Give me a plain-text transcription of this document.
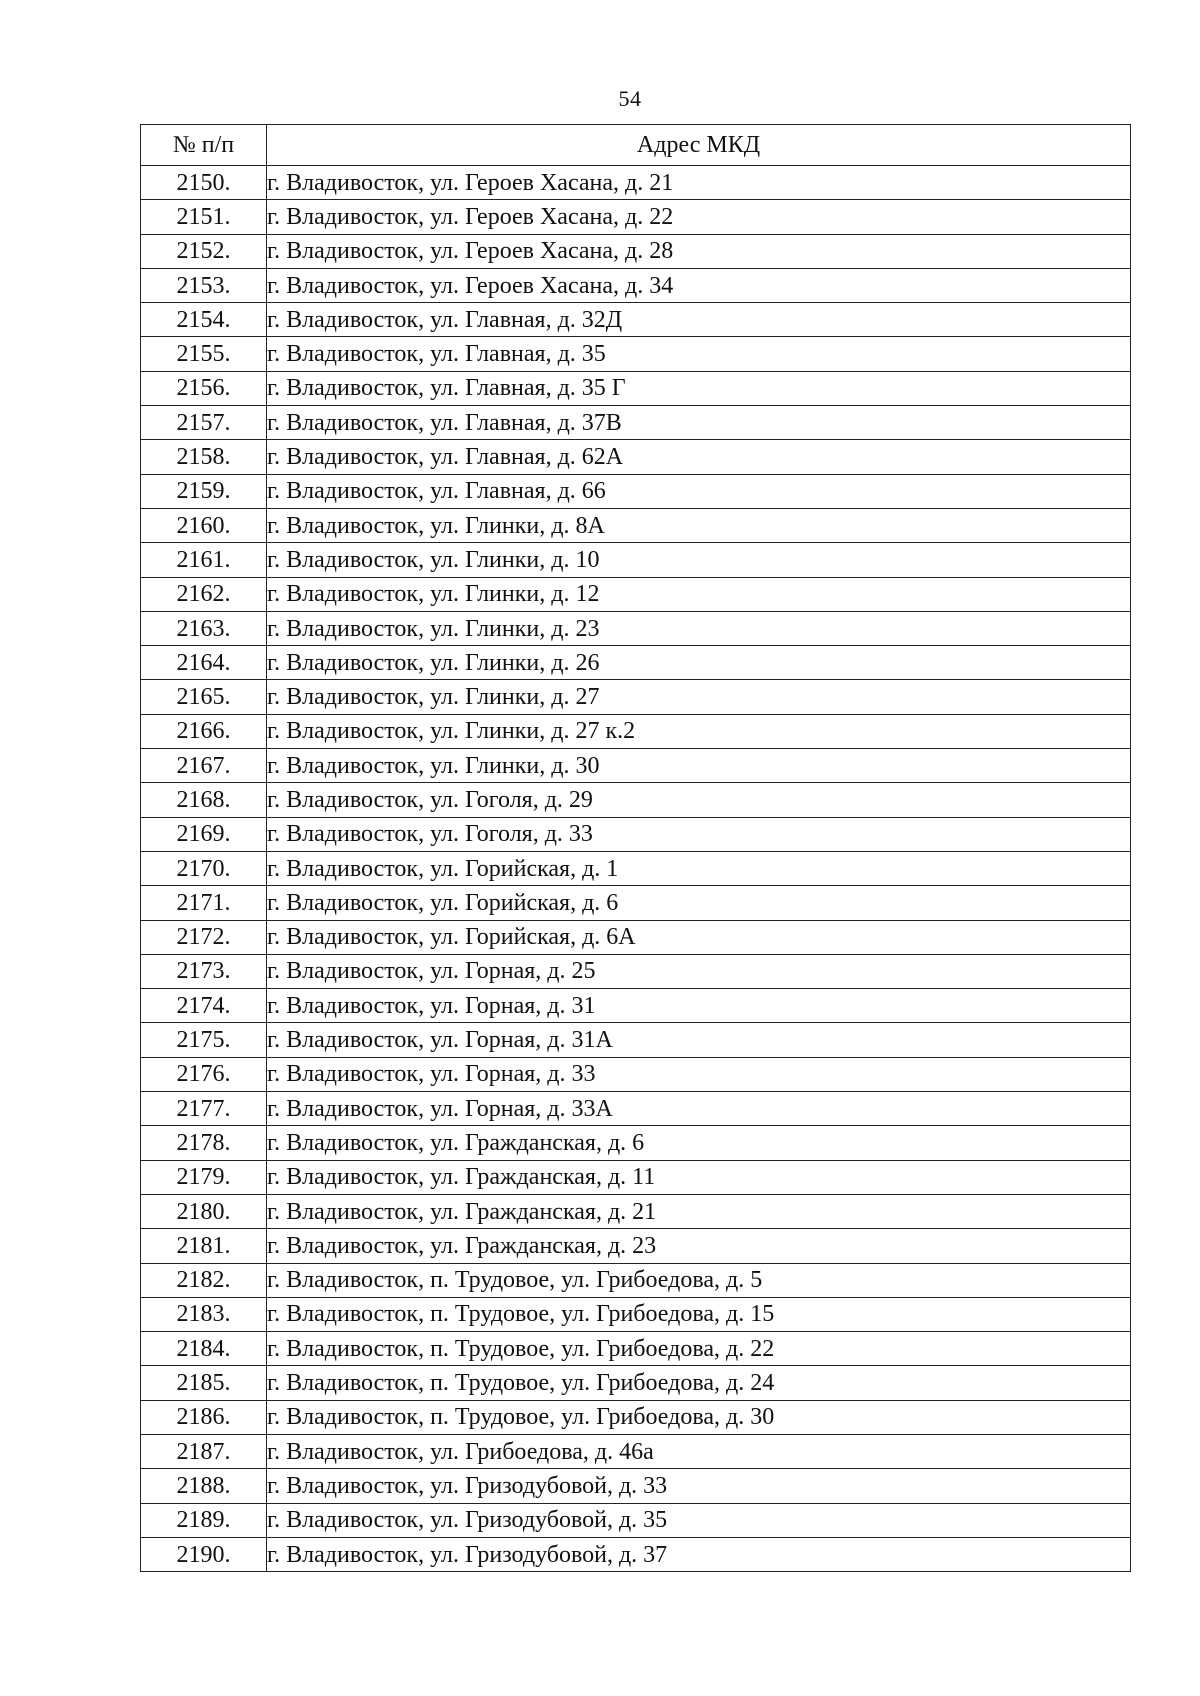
54
№ п/п	Адрес МКД
2150.	г. Владивосток, ул. Героев Хасана, д. 21
2151.	г. Владивосток, ул. Героев Хасана, д. 22
2152.	г. Владивосток, ул. Героев Хасана, д. 28
2153.	г. Владивосток, ул. Героев Хасана, д. 34
2154.	г. Владивосток, ул. Главная, д. 32Д
2155.	г. Владивосток, ул. Главная, д. 35
2156.	г. Владивосток, ул. Главная, д. 35 Г
2157.	г. Владивосток, ул. Главная, д. 37В
2158.	г. Владивосток, ул. Главная, д. 62А
2159.	г. Владивосток, ул. Главная, д. 66
2160.	г. Владивосток, ул. Глинки, д. 8А
2161.	г. Владивосток, ул. Глинки, д. 10
2162.	г. Владивосток, ул. Глинки, д. 12
2163.	г. Владивосток, ул. Глинки, д. 23
2164.	г. Владивосток, ул. Глинки, д. 26
2165.	г. Владивосток, ул. Глинки, д. 27
2166.	г. Владивосток, ул. Глинки, д. 27 к.2
2167.	г. Владивосток, ул. Глинки, д. 30
2168.	г. Владивосток, ул. Гоголя, д. 29
2169.	г. Владивосток, ул. Гоголя, д. 33
2170.	г. Владивосток, ул. Горийская, д. 1
2171.	г. Владивосток, ул. Горийская, д. 6
2172.	г. Владивосток, ул. Горийская, д. 6А
2173.	г. Владивосток, ул. Горная, д. 25
2174.	г. Владивосток, ул. Горная, д. 31
2175.	г. Владивосток, ул. Горная, д. 31А
2176.	г. Владивосток, ул. Горная, д. 33
2177.	г. Владивосток, ул. Горная, д. 33А
2178.	г. Владивосток, ул. Гражданская, д. 6
2179.	г. Владивосток, ул. Гражданская, д. 11
2180.	г. Владивосток, ул. Гражданская, д. 21
2181.	г. Владивосток, ул. Гражданская, д. 23
2182.	г. Владивосток, п. Трудовое, ул. Грибоедова, д. 5
2183.	г. Владивосток, п. Трудовое, ул. Грибоедова, д. 15
2184.	г. Владивосток, п. Трудовое, ул. Грибоедова, д. 22
2185.	г. Владивосток, п. Трудовое, ул. Грибоедова, д. 24
2186.	г. Владивосток, п. Трудовое, ул. Грибоедова, д. 30
2187.	г. Владивосток, ул. Грибоедова, д. 46а
2188.	г. Владивосток, ул. Гризодубовой, д. 33
2189.	г. Владивосток, ул. Гризодубовой, д. 35
2190.	г. Владивосток, ул. Гризодубовой, д. 37
